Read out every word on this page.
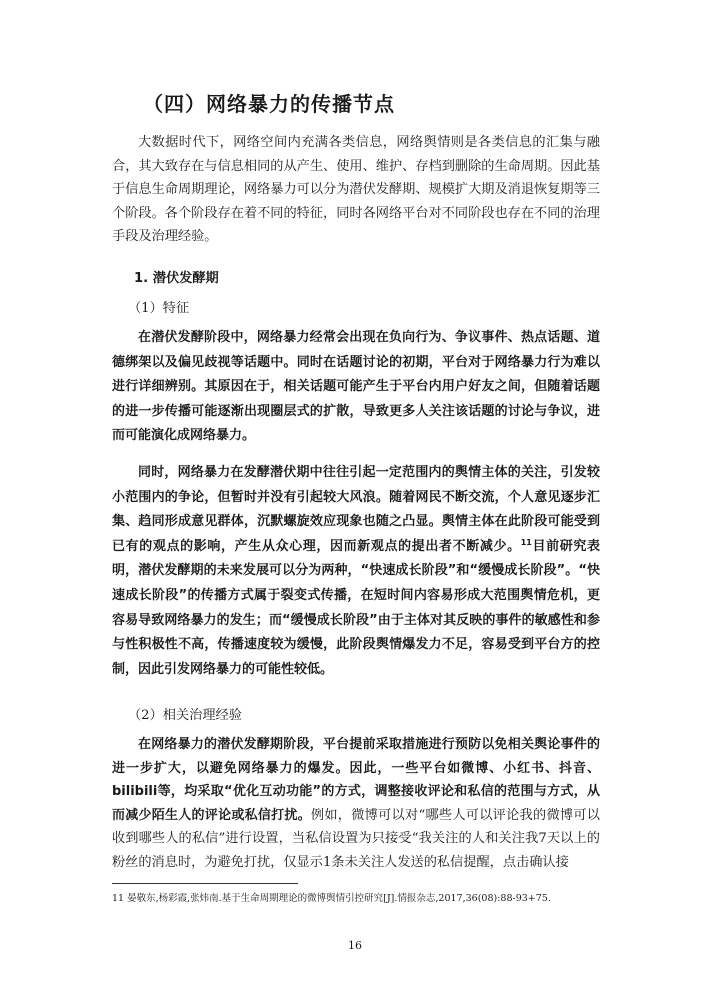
（四）网络暴力的传播节点

大数据时代下，网络空间内充满各类信息，网络舆情则是各类信息的汇集与融合，其大致存在与信息相同的从产生、使用、维护、存档到删除的生命周期。因此基于信息生命周期理论，网络暴力可以分为潜伏发酵期、规模扩大期及消退恢复期等三个阶段。各个阶段存在着不同的特征，同时各网络平台对不同阶段也存在不同的治理手段及治理经验。

1. 潜伏发酵期

（1）特征

在潜伏发酵阶段中，网络暴力经常会出现在负向行为、争议事件、热点话题、道德绑架以及偏见歧视等话题中。同时在话题讨论的初期，平台对于网络暴力行为难以进行详细辨别。其原因在于，相关话题可能产生于平台内用户好友之间，但随着话题的进一步传播可能逐渐出现圈层式的扩散，导致更多人关注该话题的讨论与争议，进而可能演化成网络暴力。

同时，网络暴力在发酵潜伏期中往往引起一定范围内的舆情主体的关注，引发较小范围内的争论，但暂时并没有引起较大风浪。随着网民不断交流，个人意见逐步汇集、趋同形成意见群体，沉默螺旋效应现象也随之凸显。舆情主体在此阶段可能受到已有的观点的影响，产生从众心理，因而新观点的提出者不断减少。$^{11}$目前研究表明，潜伏发酵期的未来发展可以分为两种，“快速成长阶段”和“缓慢成长阶段”。“快速成长阶段”的传播方式属于裂变式传播，在短时间内容易形成大范围舆情危机，更容易导致网络暴力的发生；而“缓慢成长阶段”由于主体对其反映的事件的敏感性和参与性积极性不高，传播速度较为缓慢，此阶段舆情爆发力不足，容易受到平台方的控制，因此引发网络暴力的可能性较低。

（2）相关治理经验

在网络暴力的潜伏发酵期阶段，平台提前采取措施进行预防以免相关舆论事件的进一步扩大，以避免网络暴力的爆发。因此，一些平台如微博、小红书、抖音、bilibili等，均采取“优化互动功能”的方式，调整接收评论和私信的范围与方式，从而减少陌生人的评论或私信打扰。例如，微博可以对“哪些人可以评论我的微博可以收到哪些人的私信”进行设置，当私信设置为只接受“我关注的人和关注我7天以上的粉丝的消息时，为避免打扰，仅显示1条未关注人发送的私信提醒，点击确认接

11 晏敬东,杨彩霞,张炜南.基于生命周期理论的微博舆情引控研究[J].情报杂志,2017,36(08):88-93+75.

16
